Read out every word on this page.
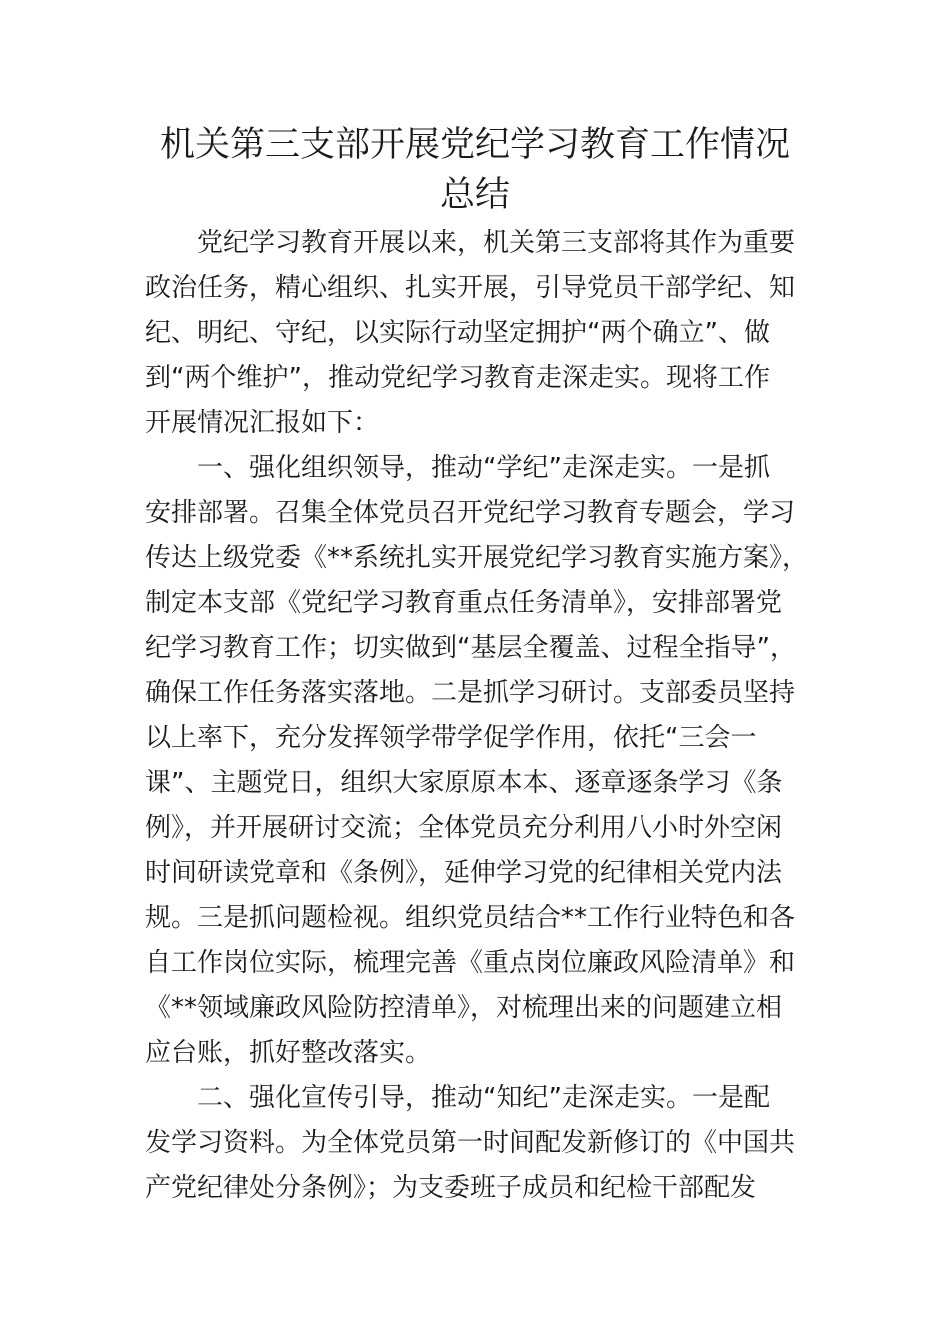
机关第三支部开展党纪学习教育工作情况
总结

　　党纪学习教育开展以来，机关第三支部将其作为重要

政治任务，精心组织、扎实开展，引导党员干部学纪、知

纪、明纪、守纪，以实际行动坚定拥护“两个确立”、做

到“两个维护”，推动党纪学习教育走深走实。现将工作

开展情况汇报如下：

　　一、强化组织领导，推动“学纪”走深走实。一是抓

安排部署。召集全体党员召开党纪学习教育专题会，学习

传达上级党委《**系统扎实开展党纪学习教育实施方案》，

制定本支部《党纪学习教育重点任务清单》，安排部署党

纪学习教育工作；切实做到“基层全覆盖、过程全指导”，

确保工作任务落实落地。二是抓学习研讨。支部委员坚持

以上率下，充分发挥领学带学促学作用，依托“三会一

课”、主题党日，组织大家原原本本、逐章逐条学习《条

例》，并开展研讨交流；全体党员充分利用八小时外空闲

时间研读党章和《条例》，延伸学习党的纪律相关党内法

规。三是抓问题检视。组织党员结合**工作行业特色和各

自工作岗位实际，梳理完善《重点岗位廉政风险清单》和

《**领域廉政风险防控清单》，对梳理出来的问题建立相

应台账，抓好整改落实。

　　二、强化宣传引导，推动“知纪”走深走实。一是配

发学习资料。为全体党员第一时间配发新修订的《中国共

产党纪律处分条例》；为支委班子成员和纪检干部配发
